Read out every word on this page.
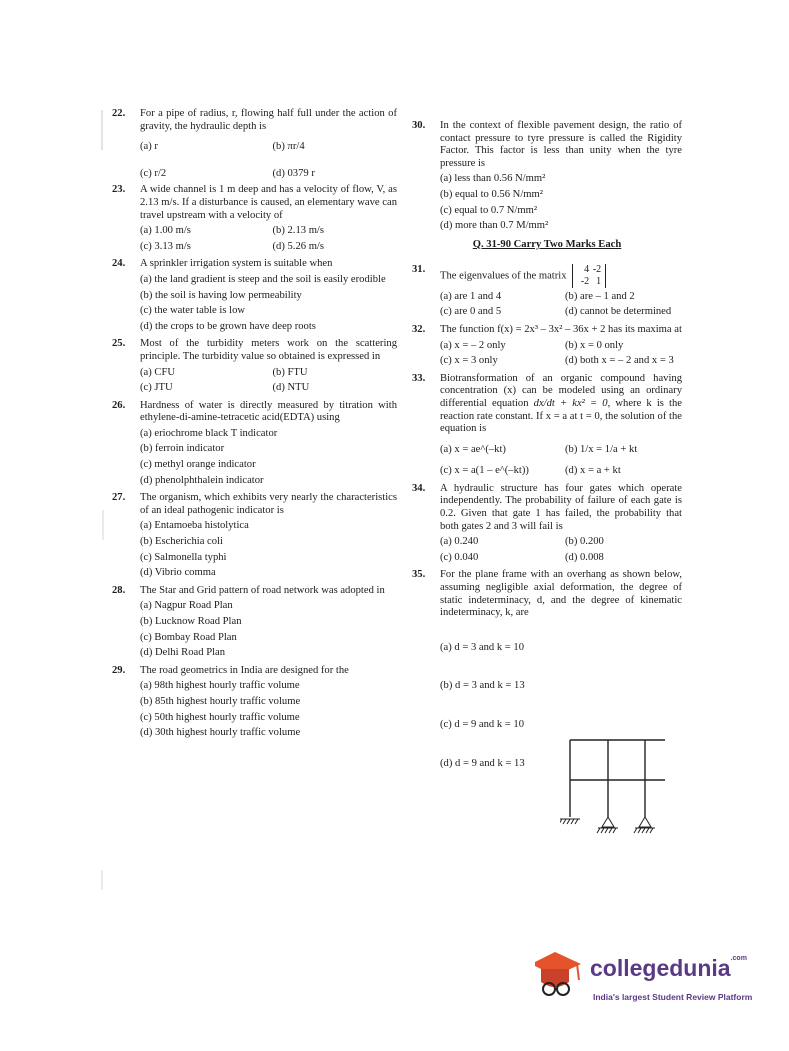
22. For a pipe of radius, r, flowing half full under the action of gravity, the hydraulic depth is
(a) r	(b) πr/4
(c) r/2	(d) 0379 r
23. A wide channel is 1 m deep and has a velocity of flow, V, as 2.13 m/s. If a disturbance is caused, an elementary wave can travel upstream with a velocity of
(a) 1.00 m/s	(b) 2.13 m/s
(c) 3.13 m/s	(d) 5.26 m/s
24. A sprinkler irrigation system is suitable when
(a) the land gradient is steep and the soil is easily erodible
(b) the soil is having low permeability
(c) the water table is low
(d) the crops to be grown have deep roots
25. Most of the turbidity meters work on the scattering principle. The turbidity value so obtained is expressed in
(a) CFU	(b) FTU
(c) JTU	(d) NTU
26. Hardness of water is directly measured by titration with ethylene-di-amine-tetracetic acid(EDTA) using
(a) eriochrome black T indicator
(b) ferroin indicator
(c) methyl orange indicator
(d) phenolphthalein indicator
27. The organism, which exhibits very nearly the characteristics of an ideal pathogenic indicator is
(a) Entamoeba histolytica
(b) Escherichia coli
(c) Salmonella typhi
(d) Vibrio comma
28. The Star and Grid pattern of road network was adopted in
(a) Nagpur Road Plan
(b) Lucknow Road Plan
(c) Bombay Road Plan
(d) Delhi Road Plan
29. The road geometrics in India are designed for the
(a) 98th highest hourly traffic volume
(b) 85th highest hourly traffic volume
(c) 50th highest hourly traffic volume
(d) 30th highest hourly traffic volume
30. In the context of flexible pavement design, the ratio of contact pressure to tyre pressure is called the Rigidity Factor. This factor is less than unity when the tyre pressure is
(a) less than 0.56 N/mm²
(b) equal to 0.56 N/mm²
(c) equal to 0.7 N/mm²
(d) more than 0.7 M/mm²
Q. 31-90 Carry Two Marks Each
31.
The eigenvalues of the matrix 4 -2
-2 1
(a) are 1 and 4	(b) are – 1 and 2
(c) are 0 and 5	(d) cannot be determined
32. The function f(x) = 2x³ – 3x² – 36x + 2 has its maxima at
(a) x = – 2 only	(b) x = 0 only
(c) x = 3 only	(d) both x = – 2 and x = 3
33. Biotransformation of an organic compound having concentration (x) can be modeled using an ordinary differential equation dx/dt + kx² = 0, where k is the reaction rate constant. If x = a at t = 0, the solution of the equation is
(a) x = ae^(–kt)	(b) 1/x = 1/a + kt
(c) x = a(1 – e^(–kt))	(d) x = a + kt
34. A hydraulic structure has four gates which operate independently. The probability of failure of each gate is 0.2. Given that gate 1 has failed, the probability that both gates 2 and 3 will fail is
(a) 0.240	(b) 0.200
(c) 0.040	(d) 0.008
35. For the plane frame with an overhang as shown below, assuming negligible axial deformation, the degree of static indeterminacy, d, and the degree of kinematic indeterminacy, k, are
(a) d = 3 and k = 10
(b) d = 3 and k = 13
(c) d = 9 and k = 10
(d) d = 9 and k = 13
collegedunia$^{.com}$
India's largest Student Review Platform
